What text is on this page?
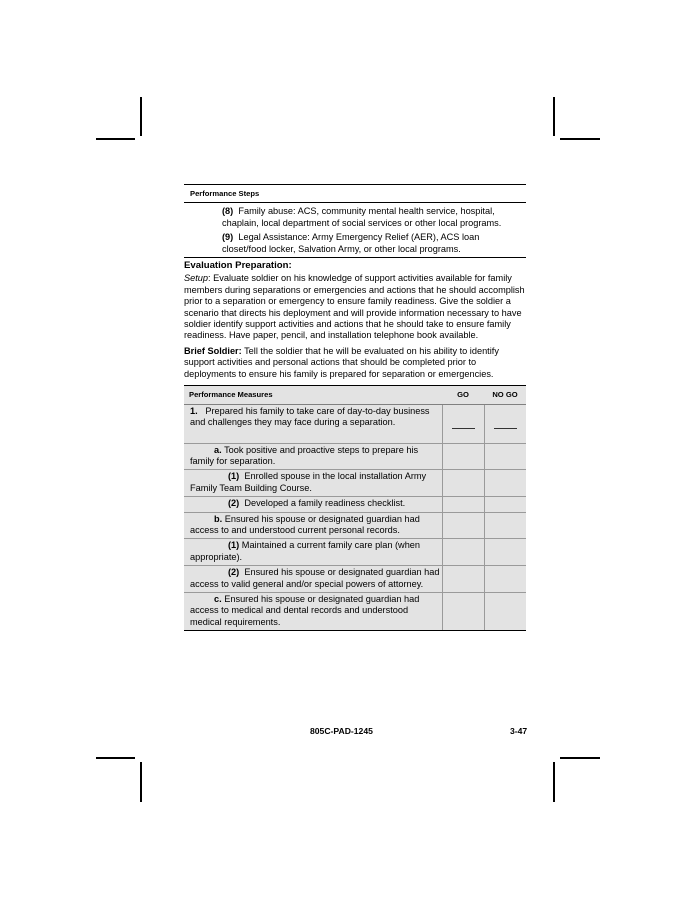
Performance Steps

(8) Family abuse: ACS, community mental health service, hospital, chaplain, local department of social services or other local programs.

(9) Legal Assistance: Army Emergency Relief (AER), ACS loan closet/food locker, Salvation Army, or other local programs.

Evaluation Preparation:
Setup: Evaluate soldier on his knowledge of support activities available for family members during separations or emergencies and actions that he should accomplish prior to a separation or emergency to ensure family readiness. Give the soldier a scenario that directs his deployment and will provide information necessary to have soldier identify support activities and actions that he should take to ensure family readiness. Have paper, pencil, and installation telephone book available.
Brief Soldier: Tell the soldier that he will be evaluated on his ability to identify support activities and personal actions that should be completed prior to deployments to ensure his family is prepared for separation or emergencies.
Performance Measures	GO	NO GO
1. Prepared his family to take care of day-to-day business and challenges they may face during a separation.	

a. Took positive and proactive steps to prepare his family for separation.		
(1) Enrolled spouse in the local installation Army Family Team Building Course.		
(2) Developed a family readiness checklist.		
b. Ensured his spouse or designated guardian had access to and understood current personal records.		
(1) Maintained a current family care plan (when appropriate).		
(2) Ensured his spouse or designated guardian had access to valid general and/or special powers of attorney.		
c. Ensured his spouse or designated guardian had access to medical and dental records and understood medical requirements.		
805C-PAD-1245	3-47
